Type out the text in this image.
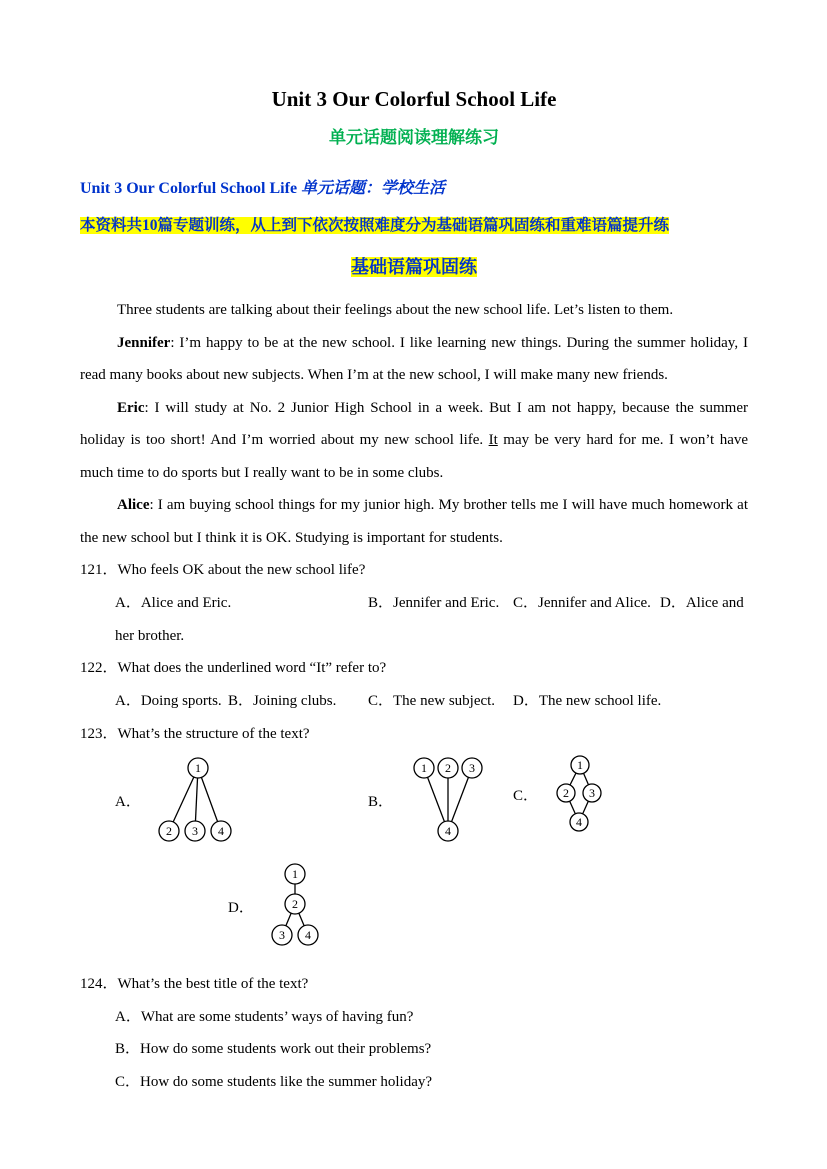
Unit 3 Our Colorful School Life
单元话题阅读理解练习

Unit 3 Our Colorful School Life 单元话题：学校生活

本资料共10篇专题训练，从上到下依次按照难度分为基础语篇巩固练和重难语篇提升练

基础语篇巩固练

Three students are talking about their feelings about the new school life. Let’s listen to them.

Jennifer: I’m happy to be at the new school. I like learning new things. During the summer holiday, I read many books about new subjects. When I’m at the new school, I will make many new friends.

Eric: I will study at No. 2 Junior High School in a week. But I am not happy, because the summer holiday is too short! And I’m worried about my new school life. It may be very hard for me. I won’t have much time to do sports but I really want to be in some clubs.

Alice: I am buying school things for my junior high. My brother tells me I will have much homework at the new school but I think it is OK. Studying is important for students.

121．Who feels OK about the new school life?

A．Alice and Eric.	B．Jennifer and Eric. C．Jennifer and Alice. D．Alice and

her brother.

122．What does the underlined word “It” refer to?

A．Doing sports. B．Joining clubs. C．The new subject. D．The new school life.

123．What’s the structure of the text?

A．
1
2 3 4
B．
1 2 3
4
C．
1
2 3
4
D．
1
2
3 4

124．What’s the best title of the text?

A．What are some students’ ways of having fun?

B．How do some students work out their problems?

C．How do some students like the summer holiday?
